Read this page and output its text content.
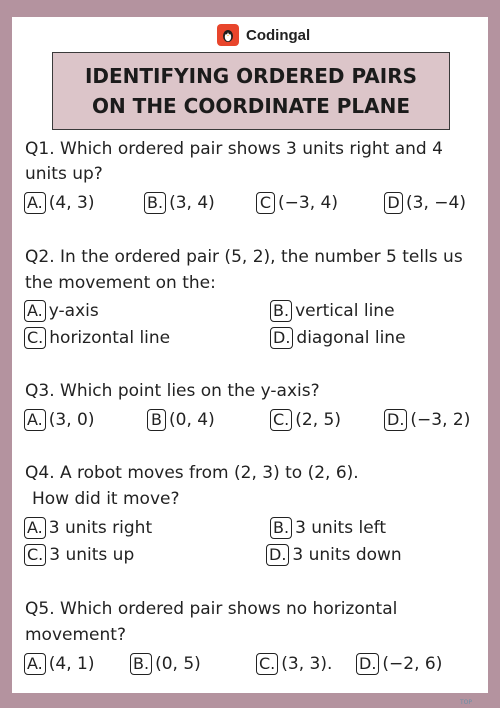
Codingal
IDENTIFYING ORDERED PAIRS
ON THE COORDINATE PLANE
Q1. Which ordered pair shows 3 units right and 4
units up?
A. (4, 3)	B. (3, 4)	C (−3, 4)	D (3, −4)
Q2. In the ordered pair (5, 2), the number 5 tells us
the movement on the:
A. y-axis	B. vertical line
C. horizontal line	D. diagonal line
Q3. Which point lies on the y-axis?
A. (3, 0)	B (0, 4)	C. (2, 5)	D. (−3, 2)
Q4. A robot moves from (2, 3) to (2, 6).
How did it move?
A. 3 units right	B. 3 units left
C. 3 units up	D. 3 units down
Q5. Which ordered pair shows no horizontal
movement?
A. (4, 1) B. (0, 5)	C. (3, 3). D. (−2, 6)
TOP
